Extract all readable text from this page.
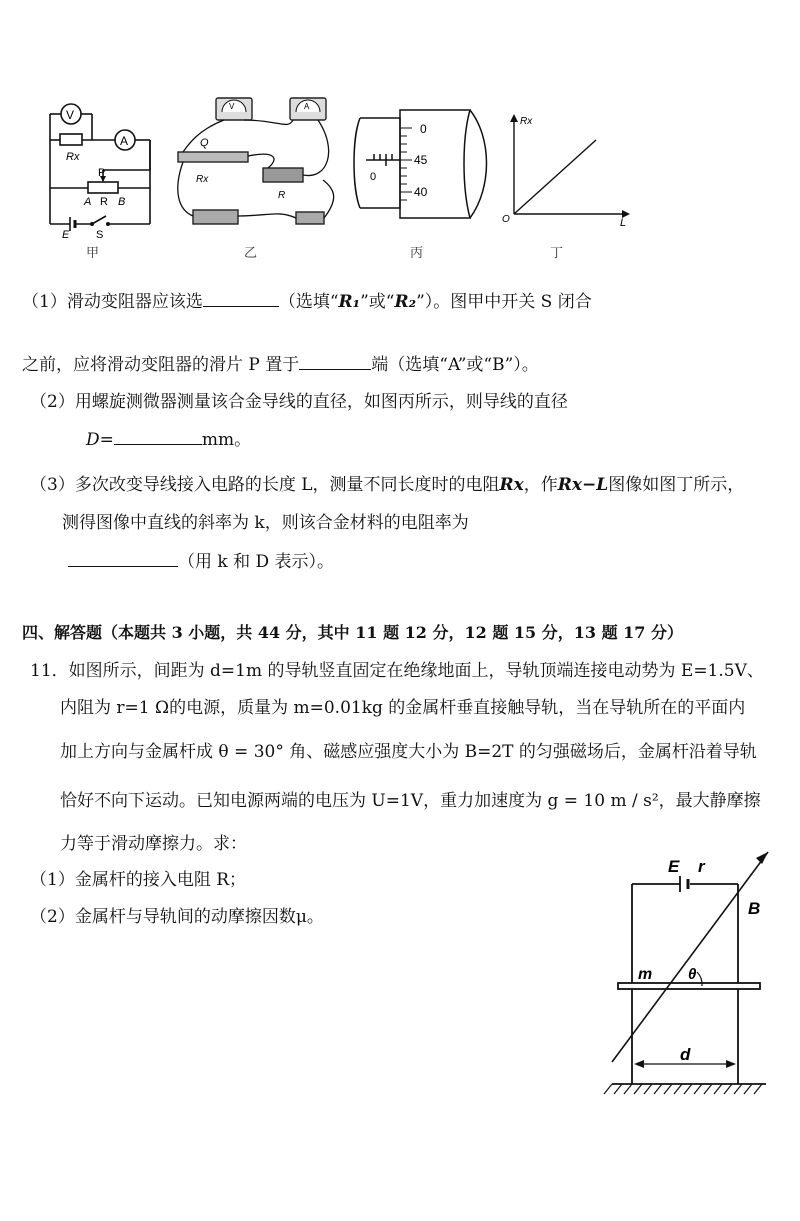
V
A
Rx
P
A R B
E S
甲
V	A
Q
Rx
R
乙
0
45
40
0
丙
Rx
L
O
丁
（1）滑动变阻器应该选	（选填“R₁”或“R₂”）。图甲中开关 S 闭合
之前，应将滑动变阻器的滑片 P 置于	端（选填“A”或“B”）。
（2）用螺旋测微器测量该合金导线的直径，如图丙所示，则导线的直径
D=	mm。
（3）多次改变导线接入电路的长度 L，测量不同长度时的电阻Rx，作Rx−L图像如图丁所示，
测得图像中直线的斜率为 k，则该合金材料的电阻率为
（用 k 和 D 表示）。
四、解答题（本题共 3 小题，共 44 分，其中 11 题 12 分，12 题 15 分，13 题 17 分）
11．如图所示，间距为 d=1m 的导轨竖直固定在绝缘地面上，导轨顶端连接电动势为 E=1.5V、
内阻为 r=1 Ω的电源，质量为 m=0.01kg 的金属杆垂直接触导轨，当在导轨所在的平面内
加上方向与金属杆成 θ = 30° 角、磁感应强度大小为 B=2T 的匀强磁场后，金属杆沿着导轨
恰好不向下运动。已知电源两端的电压为 U=1V，重力加速度为 g = 10 m / s²，最大静摩擦
力等于滑动摩擦力。求：
（1）金属杆的接入电阻 R；
（2）金属杆与导轨间的动摩擦因数μ。
E r
B
m θ
d
